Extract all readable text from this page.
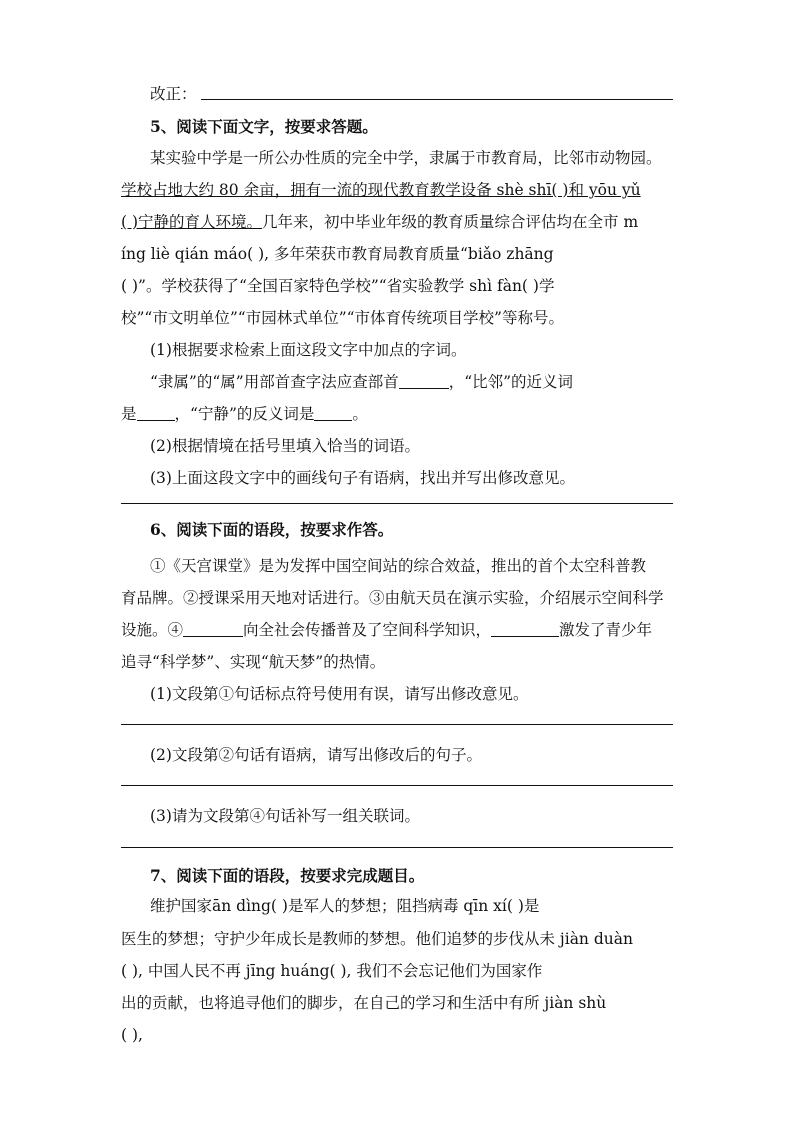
改正：
5、阅读下面文字，按要求答题。
某实验中学是一所公办性质的完全中学，隶属于市教育局，比邻市动物园。
学校占地大约 80 余亩，拥有一流的现代教育教学设备 shè shī( )和 yōu yǔ
( )宁静的育人环境。几年来，初中毕业年级的教育质量综合评估均在全市 m
íng liè qián máo( ), 多年荣获市教育局教育质量“biǎo zhāng
( )”。学校获得了“全国百家特色学校”“省实验教学 shì fàn( )学
校”“市文明单位”“市园林式单位”“市体育传统项目学校”等称号。
(1)根据要求检索上面这段文字中加点的字词。
“隶属”的“属”用部首查字法应查部首	，“比邻”的近义词
是 ，“宁静”的反义词是 。
(2)根据情境在括号里填入恰当的词语。
(3)上面这段文字中的画线句子有语病，找出并写出修改意见。
6、阅读下面的语段，按要求作答。
①《天宫课堂》是为发挥中国空间站的综合效益，推出的首个太空科普教
育品牌。②授课采用天地对话进行。③由航天员在演示实验，介绍展示空间科学
设施。④	向全社会传播普及了空间科学知识，	激发了青少年
追寻“科学梦”、实现“航天梦”的热情。
(1)文段第①句话标点符号使用有误，请写出修改意见。
(2)文段第②句话有语病，请写出修改后的句子。
(3)请为文段第④句话补写一组关联词。
7、阅读下面的语段，按要求完成题目。
维护国家ān dìng( )是军人的梦想；阻挡病毒 qīn xí( )是
医生的梦想；守护少年成长是教师的梦想。他们追梦的步伐从未 jiàn duàn
( ), 中国人民不再 jīng huáng( ), 我们不会忘记他们为国家作
出的贡献，也将追寻他们的脚步，在自己的学习和生活中有所 jiàn shù
( ),
